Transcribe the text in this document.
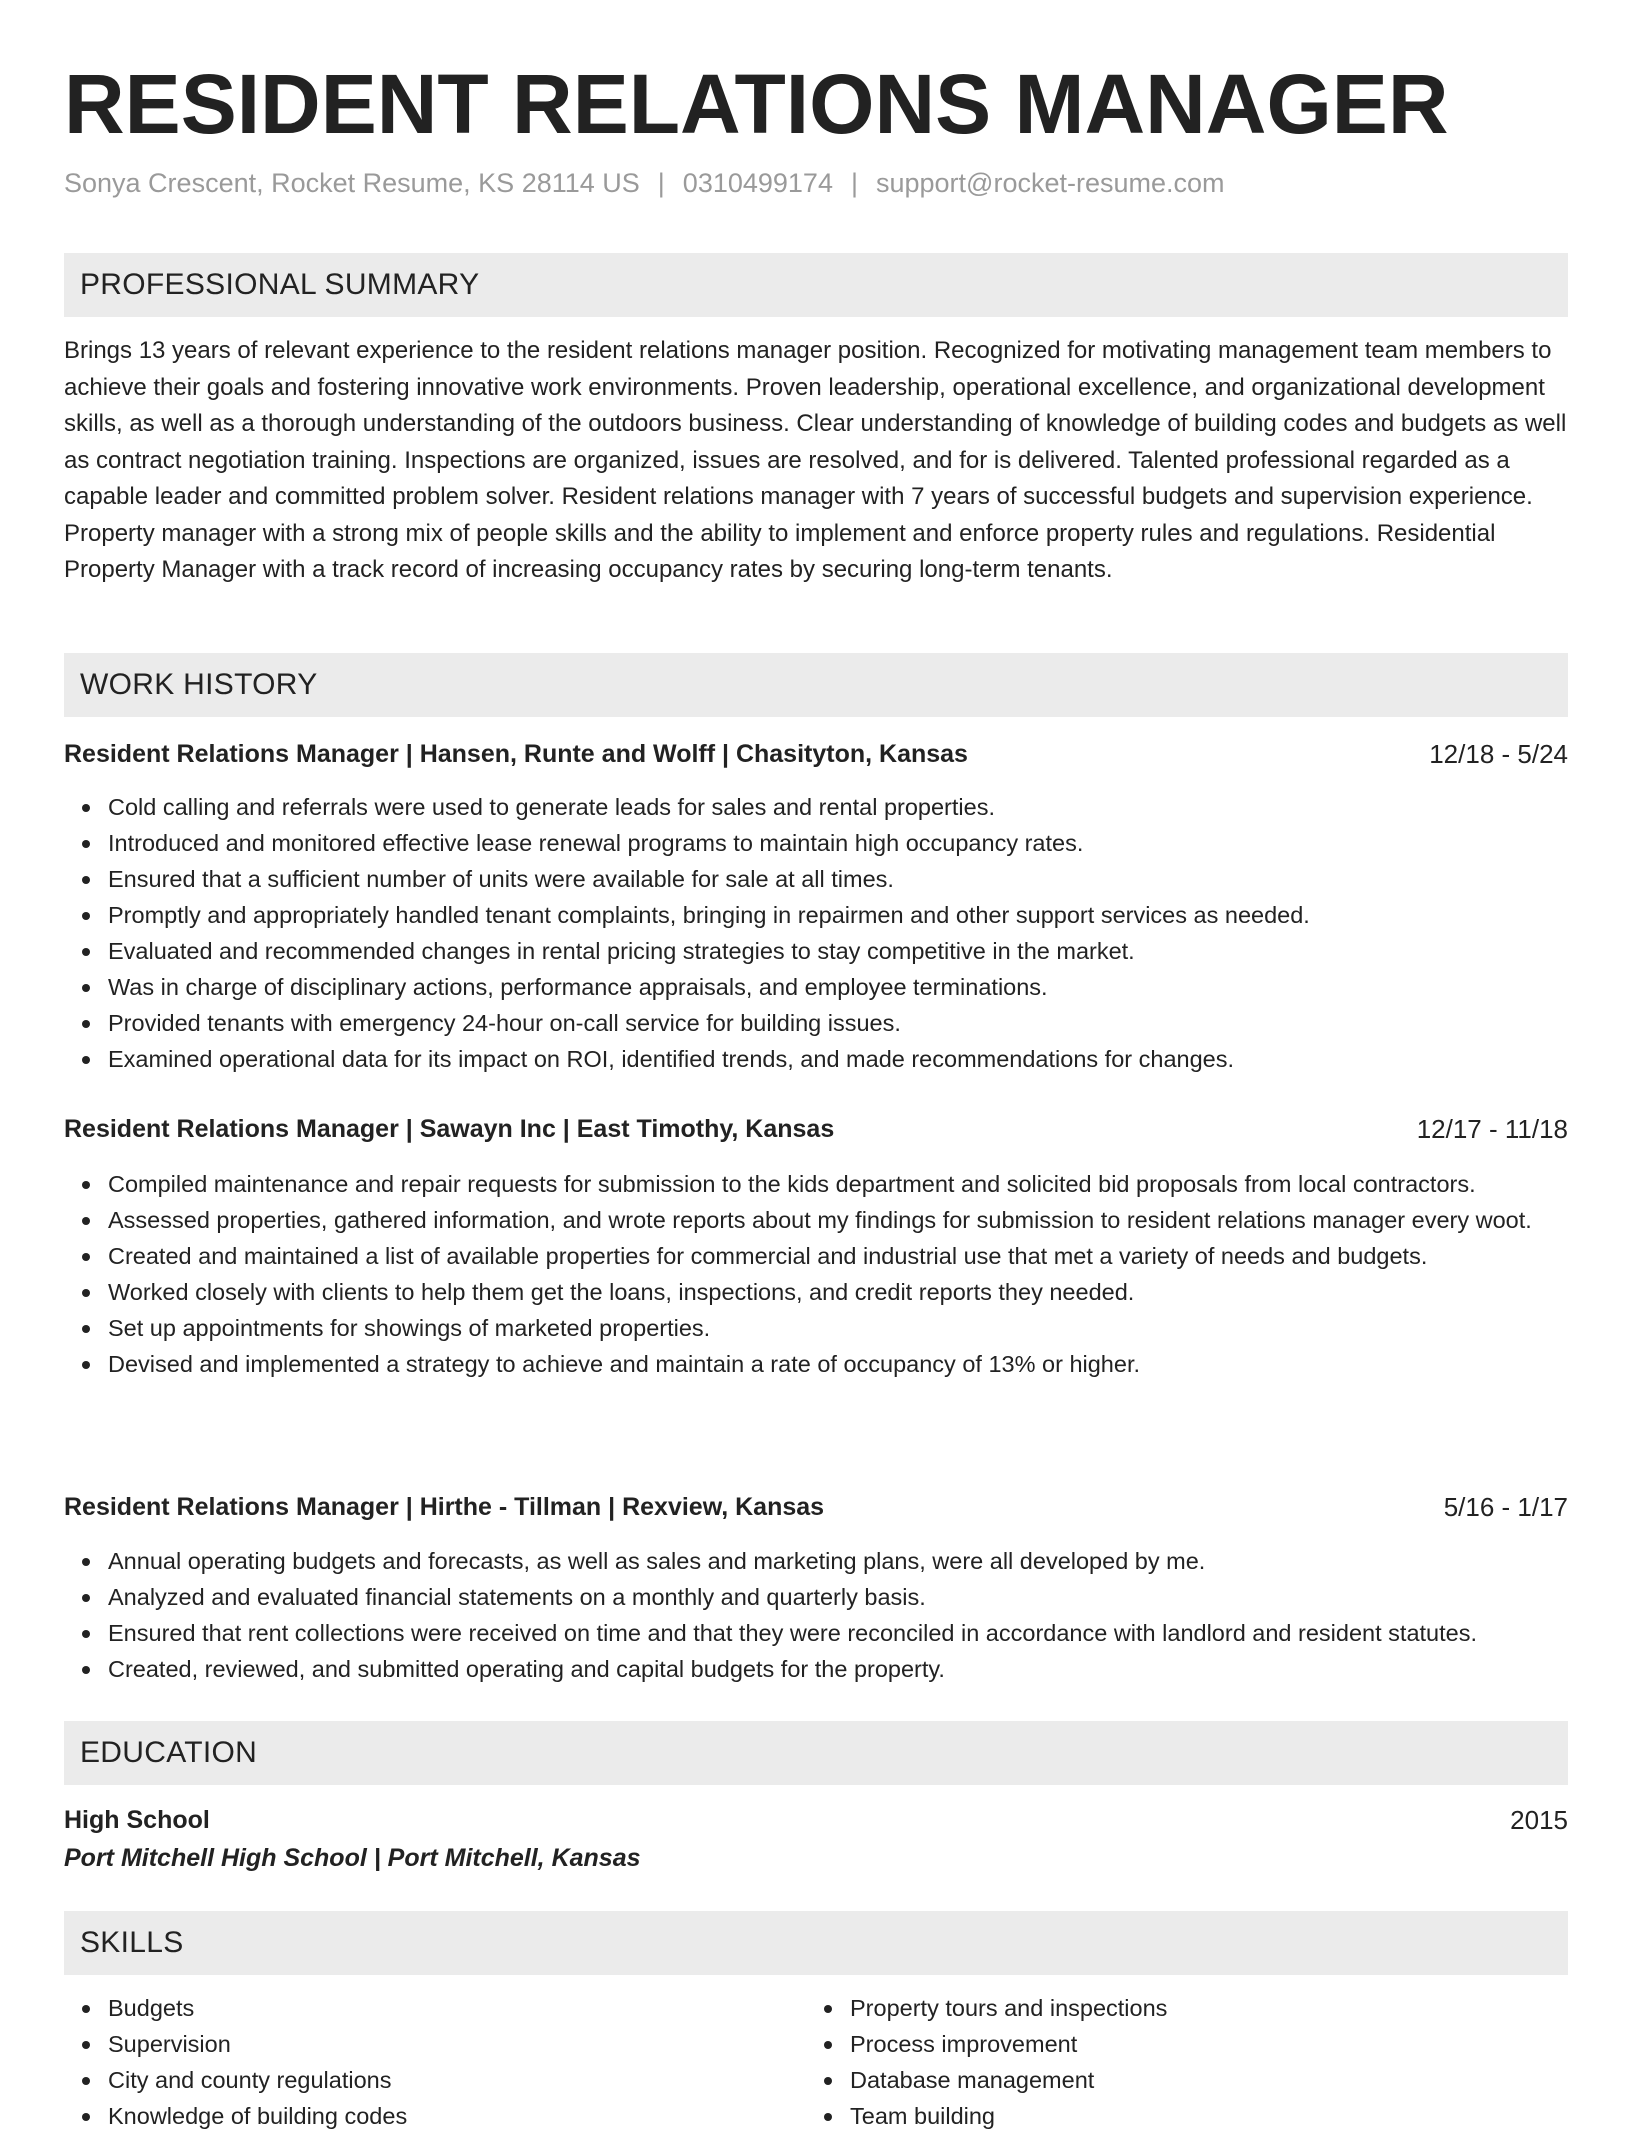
RESIDENT RELATIONS MANAGER
Sonya Crescent, Rocket Resume, KS 28114 US | 0310499174 | support@rocket-resume.com
PROFESSIONAL SUMMARY

Brings 13 years of relevant experience to the resident relations manager position. Recognized for motivating management team members to achieve their goals and fostering innovative work environments. Proven leadership, operational excellence, and organizational development skills, as well as a thorough understanding of the outdoors business. Clear understanding of knowledge of building codes and budgets as well as contract negotiation training. Inspections are organized, issues are resolved, and for is delivered. Talented professional regarded as a capable leader and committed problem solver. Resident relations manager with 7 years of successful budgets and supervision experience. Property manager with a strong mix of people skills and the ability to implement and enforce property rules and regulations. Residential Property Manager with a track record of increasing occupancy rates by securing long-term tenants.

WORK HISTORY
Resident Relations Manager | Hansen, Runte and Wolff | Chasityton, Kansas	12/18 - 5/24
Cold calling and referrals were used to generate leads for sales and rental properties.
Introduced and monitored effective lease renewal programs to maintain high occupancy rates.
Ensured that a sufficient number of units were available for sale at all times.
Promptly and appropriately handled tenant complaints, bringing in repairmen and other support services as needed.
Evaluated and recommended changes in rental pricing strategies to stay competitive in the market.
Was in charge of disciplinary actions, performance appraisals, and employee terminations.
Provided tenants with emergency 24-hour on-call service for building issues.
Examined operational data for its impact on ROI, identified trends, and made recommendations for changes.
Resident Relations Manager | Sawayn Inc | East Timothy, Kansas	12/17 - 11/18
Compiled maintenance and repair requests for submission to the kids department and solicited bid proposals from local contractors.
Assessed properties, gathered information, and wrote reports about my findings for submission to resident relations manager every woot.
Created and maintained a list of available properties for commercial and industrial use that met a variety of needs and budgets.
Worked closely with clients to help them get the loans, inspections, and credit reports they needed.
Set up appointments for showings of marketed properties.
Devised and implemented a strategy to achieve and maintain a rate of occupancy of 13% or higher.
Resident Relations Manager | Hirthe - Tillman | Rexview, Kansas	5/16 - 1/17
Annual operating budgets and forecasts, as well as sales and marketing plans, were all developed by me.
Analyzed and evaluated financial statements on a monthly and quarterly basis.
Ensured that rent collections were received on time and that they were reconciled in accordance with landlord and resident statutes.
Created, reviewed, and submitted operating and capital budgets for the property.
EDUCATION
High School	2015
Port Mitchell High School | Port Mitchell, Kansas
SKILLS
Budgets
Supervision
City and county regulations
Knowledge of building codes
Property tours and inspections
Process improvement
Database management
Team building
